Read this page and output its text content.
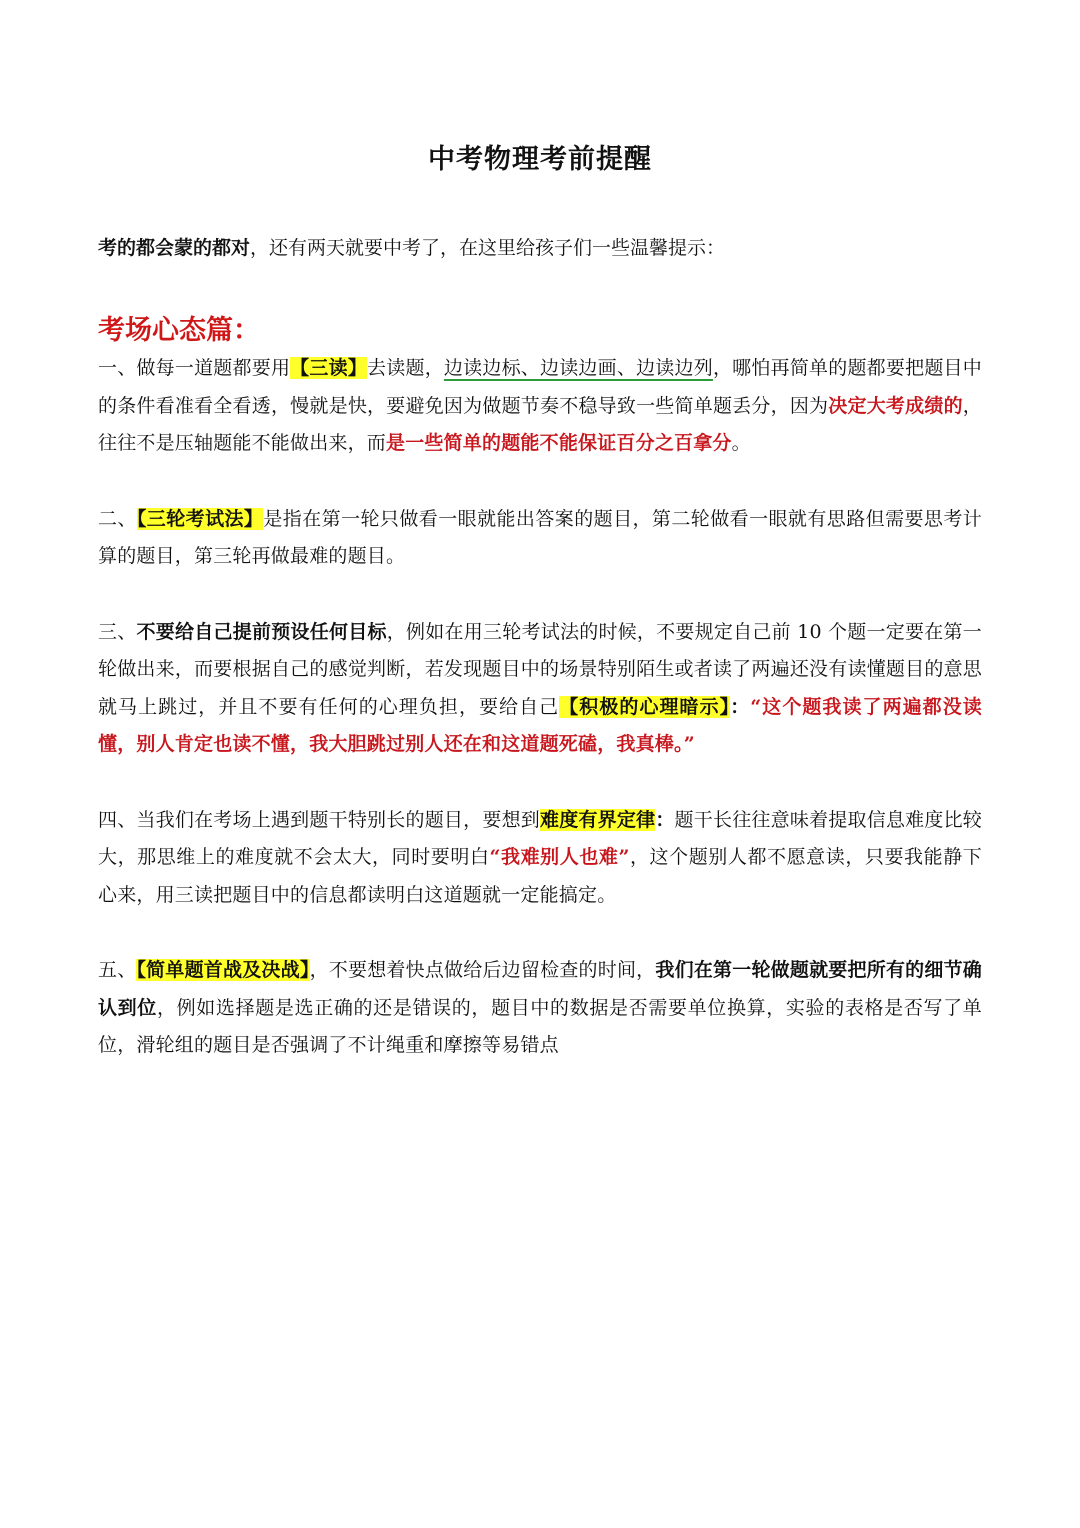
中考物理考前提醒
考的都会蒙的都对，还有两天就要中考了，在这里给孩子们一些温馨提示：
考场心态篇：

一、做每一道题都要用【三读】去读题，边读边标、边读边画、边读边列，哪怕再简单的题都要把题目中的条件看准看全看透，慢就是快，要避免因为做题节奏不稳导致一些简单题丢分，因为决定大考成绩的，往往不是压轴题能不能做出来，而是一些简单的题能不能保证百分之百拿分。

二、【三轮考试法】是指在第一轮只做看一眼就能出答案的题目，第二轮做看一眼就有思路但需要思考计算的题目，第三轮再做最难的题目。

三、不要给自己提前预设任何目标，例如在用三轮考试法的时候，不要规定自己前 10 个题一定要在第一轮做出来，而要根据自己的感觉判断，若发现题目中的场景特别陌生或者读了两遍还没有读懂题目的意思就马上跳过，并且不要有任何的心理负担，要给自己【积极的心理暗示】：“这个题我读了两遍都没读懂，别人肯定也读不懂，我大胆跳过别人还在和这道题死磕，我真棒。”

四、当我们在考场上遇到题干特别长的题目，要想到难度有界定律：题干长往往意味着提取信息难度比较大，那思维上的难度就不会太大，同时要明白“我难别人也难”，这个题别人都不愿意读，只要我能静下心来，用三读把题目中的信息都读明白这道题就一定能搞定。

五、【简单题首战及决战】，不要想着快点做给后边留检查的时间，我们在第一轮做题就要把所有的细节确认到位，例如选择题是选正确的还是错误的，题目中的数据是否需要单位换算，实验的表格是否写了单位，滑轮组的题目是否强调了不计绳重和摩擦等易错点
